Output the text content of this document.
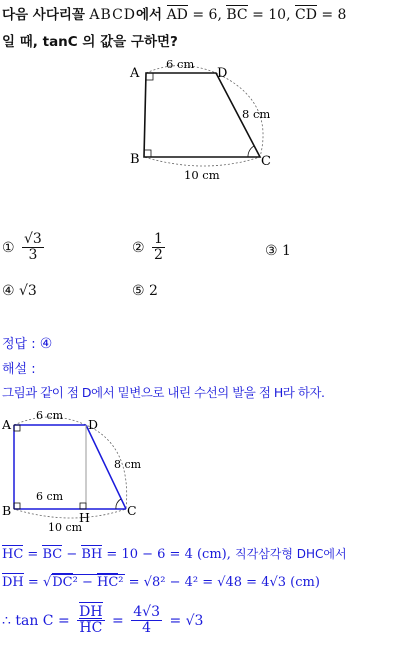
다음 사다리꼴 ABCD에서 AD = 6, BC = 10, CD = 8
일 때, tanC 의 값을 구하면?
A	D
B	C
6 cm
8 cm
10 cm
① $\frac{√3}{3}$	② $\frac{1}{2}$	③ 1
④ √3	⑤ 2
정답 : ④
해설 :
그림과 같이 점 D에서 밑변으로 내린 수선의 발을 점 H라 하자.
A	D
B	C
H
6 cm
8 cm
6 cm
10 cm
HC = BC − BH = 10 − 6 = 4 (cm), 직각삼각형 DHC에서
DH = √DC² − HC² = √8² − 4² = √48 = 4√3 (cm)
∴ $\tan C = \frac{DH}{HC} = \frac{4√3}{4} = √3$
